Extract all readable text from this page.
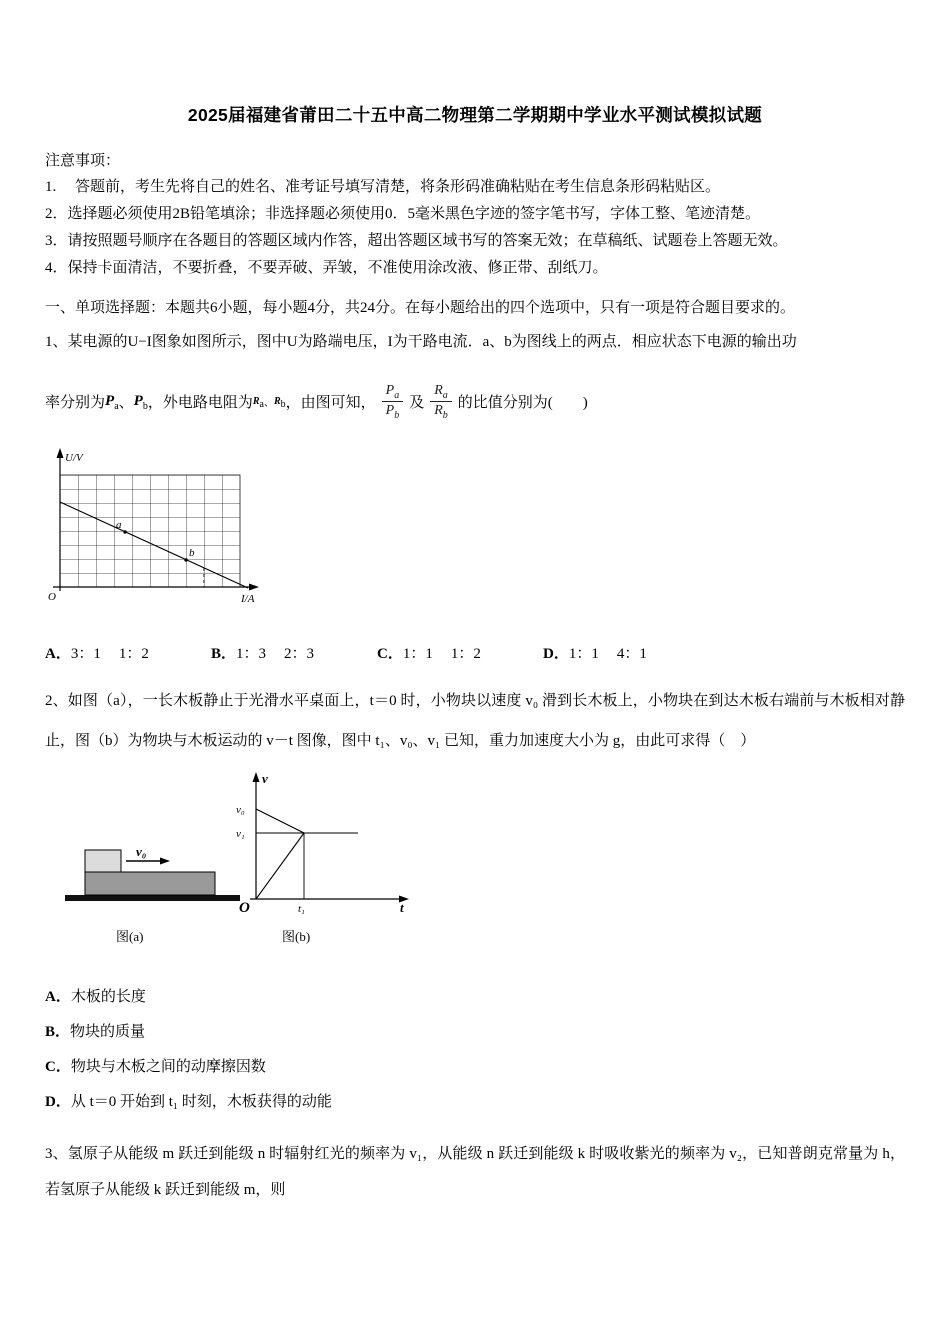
2025届福建省莆田二十五中高二物理第二学期期中学业水平测试模拟试题

注意事项：

1.　 答题前，考生先将自己的姓名、准考证号填写清楚，将条形码准确粘贴在考生信息条形码粘贴区。

2．选择题必须使用2B铅笔填涂；非选择题必须使用0．5毫米黑色字迹的签字笔书写，字体工整、笔迹清楚。

3．请按照题号顺序在各题目的答题区域内作答，超出答题区域书写的答案无效；在草稿纸、试题卷上答题无效。

4．保持卡面清洁，不要折叠，不要弄破、弄皱，不准使用涂改液、修正带、刮纸刀。

一、单项选择题：本题共6小题，每小题4分，共24分。在每小题给出的四个选项中，只有一项是符合题目要求的。

1、某电源的U−I图象如图所示，图中U为路端电压，I为干路电流．a、b为图线上的两点．相应状态下电源的输出功

率分别为 $P_a$ 、 $P_b$ ，外电路电阻为 $R_a$ 、 $R_b$ ，由图可知， $\frac{P_a}{P_b}$ 及 $\frac{R_a}{R_b}$ 的比值分别为(　　)
U/V
I/A
O
a
b
A．3：1 1：2	B．1：3 2：3	C．1：1 1：2	D．1：1 4：1

2、如图（a），一长木板静止于光滑水平桌面上，t＝0 时，小物块以速度 v₀ 滑到长木板上，小物块在到达木板右端前与木板相对静止，图（b）为物块与木板运动的 v－t 图像，图中 t₁、v₀、v₁ 已知，重力加速度大小为 g，由此可求得（　）

v₀
v
t
O
v₀
v₁
t₁
图(a)	图(b)

A．木板的长度

B．物块的质量

C．物块与木板之间的动摩擦因数

D．从 t＝0 开始到 t₁ 时刻，木板获得的动能

3、氢原子从能级 m 跃迁到能级 n 时辐射红光的频率为 v₁，从能级 n 跃迁到能级 k 时吸收紫光的频率为 v₂，已知普朗克常量为 h，若氢原子从能级 k 跃迁到能级 m，则
